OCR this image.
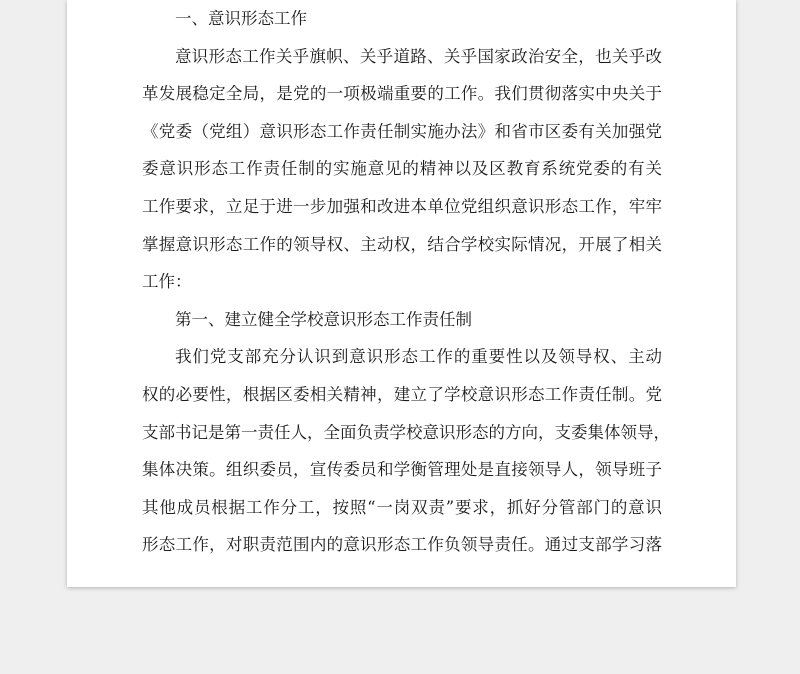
一、意识形态工作
意识形态工作关乎旗帜、关乎道路、关乎国家政治安全，也关乎改
革发展稳定全局，是党的一项极端重要的工作。我们贯彻落实中央关于
《党委（党组）意识形态工作责任制实施办法》和省市区委有关加强党
委意识形态工作责任制的实施意见的精神以及区教育系统党委的有关
工作要求，立足于进一步加强和改进本单位党组织意识形态工作，牢牢
掌握意识形态工作的领导权、主动权，结合学校实际情况，开展了相关
工作：
第一、建立健全学校意识形态工作责任制
我们党支部充分认识到意识形态工作的重要性以及领导权、主动
权的必要性，根据区委相关精神，建立了学校意识形态工作责任制。党
支部书记是第一责任人，全面负责学校意识形态的方向，支委集体领导，
集体决策。组织委员，宣传委员和学衡管理处是直接领导人，领导班子
其他成员根据工作分工，按照“一岗双责”要求，抓好分管部门的意识
形态工作，对职责范围内的意识形态工作负领导责任。通过支部学习落
